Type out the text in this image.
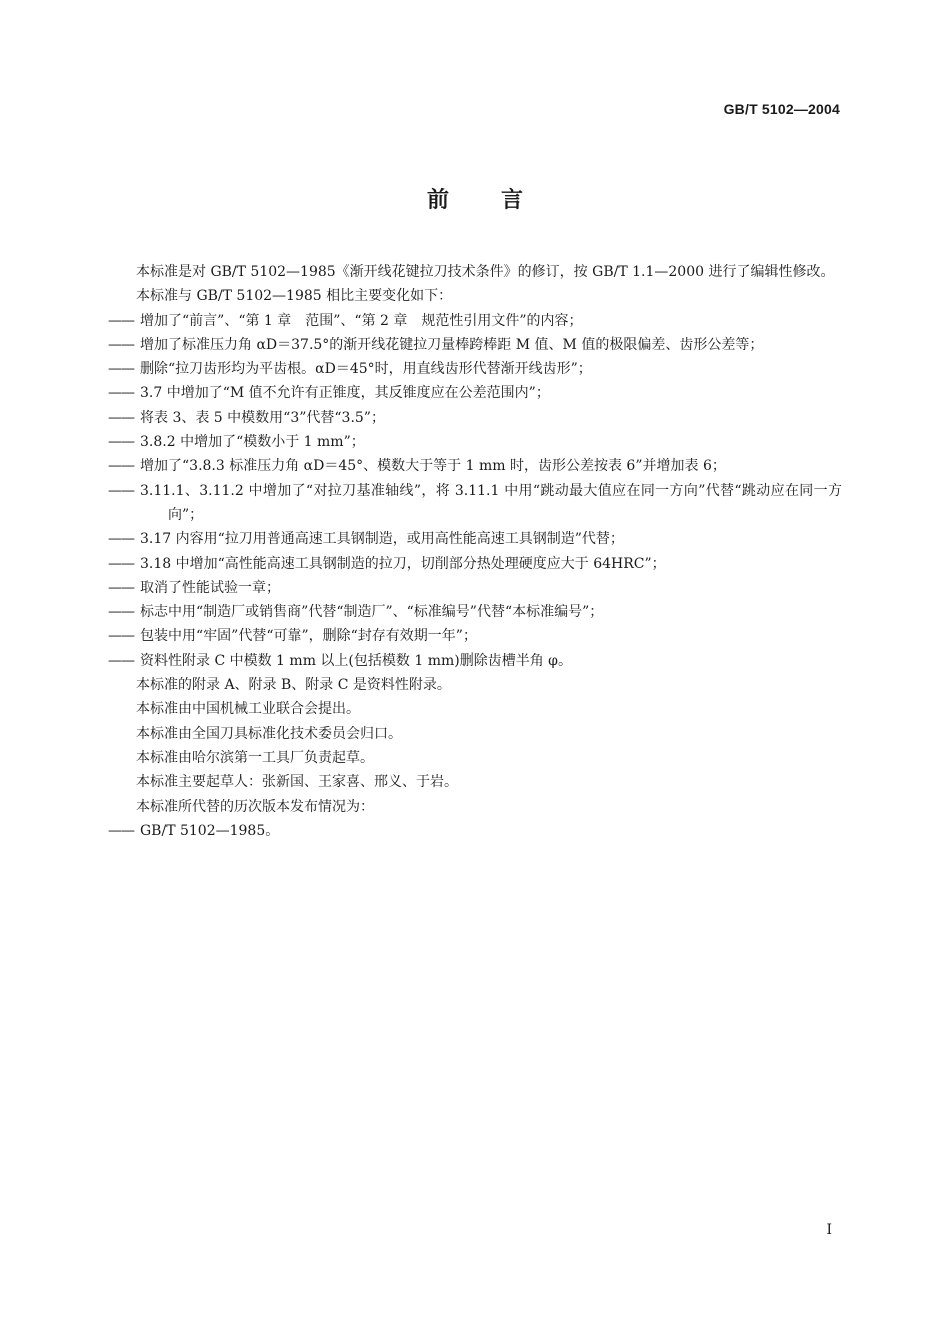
GB/T 5102—2004
前 言

本标准是对 GB/T 5102—1985《渐开线花键拉刀技术条件》的修订，按 GB/T 1.1—2000 进行了编辑性修改。

本标准与 GB/T 5102—1985 相比主要变化如下：

—— 增加了“前言”、“第 1 章　范围”、“第 2 章　规范性引用文件”的内容；

—— 增加了标准压力角 αD＝37.5°的渐开线花键拉刀量棒跨棒距 M 值、M 值的极限偏差、齿形公差等；

—— 删除“拉刀齿形均为平齿根。αD＝45°时，用直线齿形代替渐开线齿形”；

—— 3.7 中增加了“M 值不允许有正锥度，其反锥度应在公差范围内”；

—— 将表 3、表 5 中模数用“3”代替“3.5”；

—— 3.8.2 中增加了“模数小于 1 mm”；

—— 增加了“3.8.3 标准压力角 αD＝45°、模数大于等于 1 mm 时，齿形公差按表 6”并增加表 6；

—— 3.11.1、3.11.2 中增加了“对拉刀基准轴线”，将 3.11.1 中用“跳动最大值应在同一方向”代替“跳动应在同一方向”；

—— 3.17 内容用“拉刀用普通高速工具钢制造，或用高性能高速工具钢制造”代替；

—— 3.18 中增加“高性能高速工具钢制造的拉刀，切削部分热处理硬度应大于 64HRC”；

—— 取消了性能试验一章；

—— 标志中用“制造厂或销售商”代替“制造厂”、“标准编号”代替“本标准编号”；

—— 包装中用“牢固”代替“可靠”，删除“封存有效期一年”；

—— 资料性附录 C 中模数 1 mm 以上(包括模数 1 mm)删除齿槽半角 φ。

本标准的附录 A、附录 B、附录 C 是资料性附录。

本标准由中国机械工业联合会提出。

本标准由全国刀具标准化技术委员会归口。

本标准由哈尔滨第一工具厂负责起草。

本标准主要起草人：张新国、王家喜、邢义、于岩。

本标准所代替的历次版本发布情况为：

—— GB/T 5102—1985。

I
